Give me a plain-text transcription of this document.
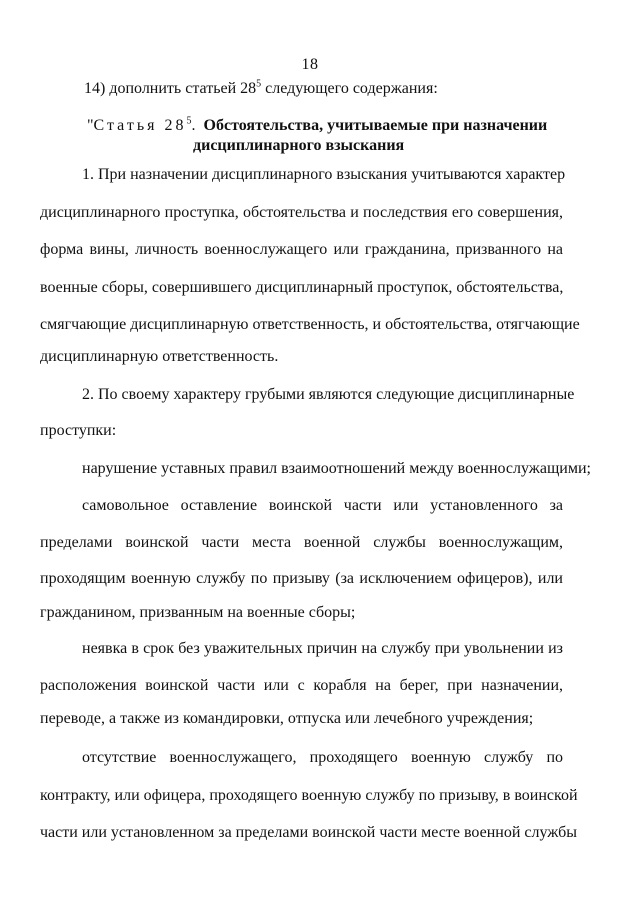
18
14) дополнить статьей $28^5$ следующего содержания:
"Статья $28^5$. Обстоятельства, учитываемые при назначении
дисциплинарного взыскания
1. При назначении дисциплинарного взыскания учитываются характер
дисциплинарного проступка, обстоятельства и последствия его совершения,
форма вины, личность военнослужащего или гражданина, призванного на
военные сборы, совершившего дисциплинарный проступок, обстоятельства,
смягчающие дисциплинарную ответственность, и обстоятельства, отягчающие
дисциплинарную ответственность.
2. По своему характеру грубыми являются следующие дисциплинарные
проступки:
нарушение уставных правил взаимоотношений между военнослужащими;
самовольное оставление воинской части или установленного за
пределами воинской части места военной службы военнослужащим,
проходящим военную службу по призыву (за исключением офицеров), или
гражданином, призванным на военные сборы;
неявка в срок без уважительных причин на службу при увольнении из
расположения воинской части или с корабля на берег, при назначении,
переводе, а также из командировки, отпуска или лечебного учреждения;
отсутствие военнослужащего, проходящего военную службу по
контракту, или офицера, проходящего военную службу по призыву, в воинской
части или установленном за пределами воинской части месте военной службы
